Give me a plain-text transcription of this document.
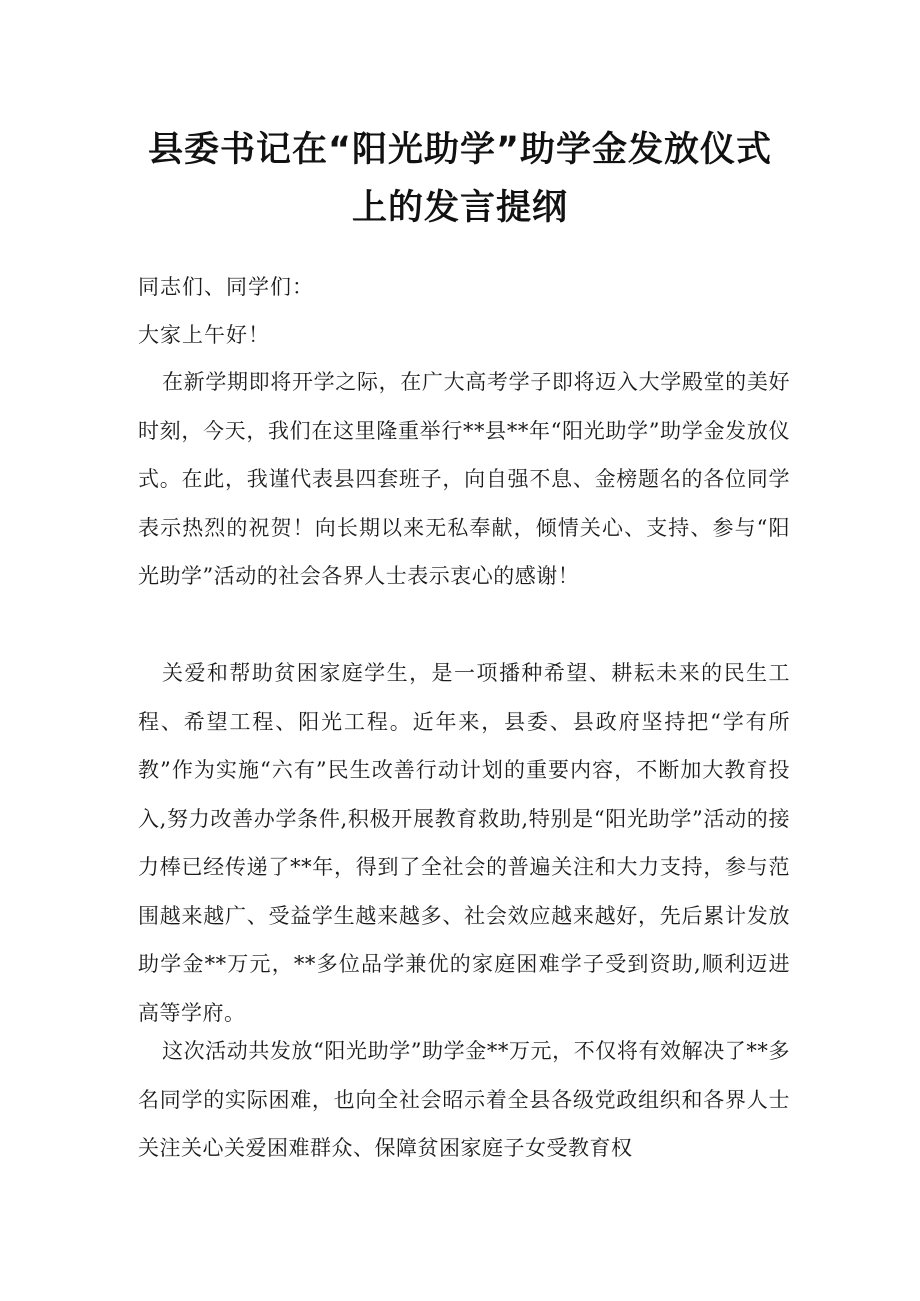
县委书记在“阳光助学”助学金发放仪式
上的发言提纲

同志们、同学们：

大家上午好！

在新学期即将开学之际，在广大高考学子即将迈入大学殿堂的美好时刻，今天，我们在这里隆重举行**县**年“阳光助学”助学金发放仪式。在此，我谨代表县四套班子，向自强不息、金榜题名的各位同学表示热烈的祝贺！向长期以来无私奉献，倾情关心、支持、参与“阳光助学”活动的社会各界人士表示衷心的感谢！

关爱和帮助贫困家庭学生，是一项播种希望、耕耘未来的民生工程、希望工程、阳光工程。近年来，县委、县政府坚持把“学有所教”作为实施“六有”民生改善行动计划的重要内容，不断加大教育投入,努力改善办学条件,积极开展教育救助,特别是“阳光助学”活动的接力棒已经传递了**年，得到了全社会的普遍关注和大力支持，参与范围越来越广、受益学生越来越多、社会效应越来越好，先后累计发放助学金**万元，**多位品学兼优的家庭困难学子受到资助,顺利迈进高等学府。

这次活动共发放“阳光助学”助学金**万元，不仅将有效解决了**多名同学的实际困难，也向全社会昭示着全县各级党政组织和各界人士关注关心关爱困难群众、保障贫困家庭子女受教育权
